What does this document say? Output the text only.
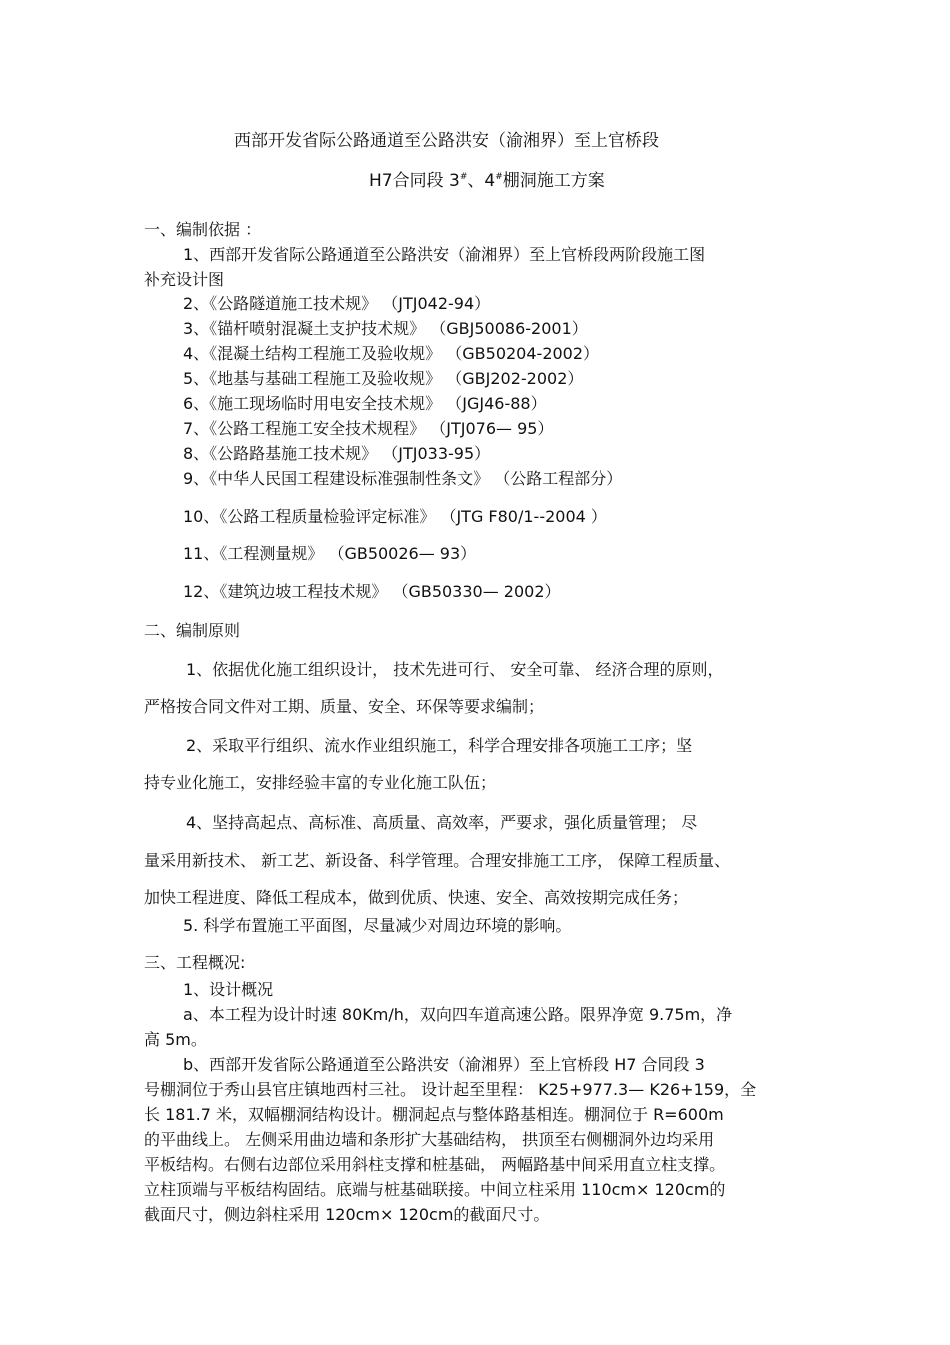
西部开发省际公路通道至公路洪安（渝湘界）至上官桥段
H7合同段 3#、4#棚洞施工方案
一、编制依据 ：
1、西部开发省际公路通道至公路洪安（渝湘界）至上官桥段两阶段施工图
补充设计图
2、《公路隧道施工技术规》 （JTJ042-94）
3、《锚杆喷射混凝土支护技术规》 （GBJ50086-2001）
4、《混凝土结构工程施工及验收规》 （GB50204-2002）
5、《地基与基础工程施工及验收规》 （GBJ202-2002）
6、《施工现场临时用电安全技术规》 （JGJ46-88）
7、《公路工程施工安全技术规程》 （JTJ076— 95）
8、《公路路基施工技术规》 （JTJ033-95）
9、《中华人民国工程建设标准强制性条文》 （公路工程部分）
10、《公路工程质量检验评定标准》 （JTG F80/1--2004 ）
11、《工程测量规》 （GB50026— 93）
12、《建筑边坡工程技术规》 （GB50330— 2002）
二、编制原则
1、依据优化施工组织设计， 技术先进可行、 安全可靠、 经济合理的原则，
严格按合同文件对工期、质量、安全、环保等要求编制；
2、采取平行组织、流水作业组织施工，科学合理安排各项施工工序；坚
持专业化施工，安排经验丰富的专业化施工队伍；
4、坚持高起点、高标准、高质量、高效率，严要求，强化质量管理； 尽
量采用新技术、 新工艺、新设备、科学管理。合理安排施工工序， 保障工程质量、
加快工程进度、降低工程成本，做到优质、快速、安全、高效按期完成任务；
5. 科学布置施工平面图，尽量减少对周边环境的影响。
三、工程概况:
1、设计概况
a、本工程为设计时速 80Km/h，双向四车道高速公路。限界净宽 9.75m，净
高 5m。
b、西部开发省际公路通道至公路洪安（渝湘界）至上官桥段 H7 合同段 3
号棚洞位于秀山县官庄镇地西村三社。 设计起至里程： K25+977.3— K26+159，全
长 181.7 米，双幅棚洞结构设计。棚洞起点与整体路基相连。棚洞位于 R=600m
的平曲线上。 左侧采用曲边墙和条形扩大基础结构， 拱顶至右侧棚洞外边均采用
平板结构。右侧右边部位采用斜柱支撑和桩基础， 两幅路基中间采用直立柱支撑。
立柱顶端与平板结构固结。底端与桩基础联接。中间立柱采用 110cm× 120cm的
截面尺寸，侧边斜柱采用 120cm× 120cm的截面尺寸。
